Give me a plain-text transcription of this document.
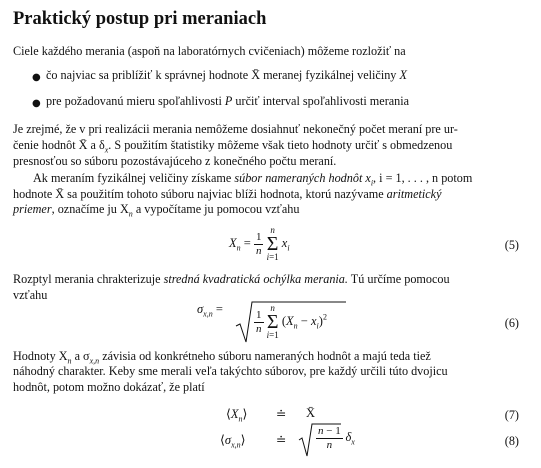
Praktický postup pri meraniach
Ciele každého merania (aspoň na laboratórnych cvičeniach) môžeme rozložiť na
● čo najviac sa priblížiť k správnej hodnote X̄ meranej fyzikálnej veličiny X
● pre požadovanú mieru spoľahlivosti P určiť interval spoľahlivosti merania
Je zrejmé, že v pri realizácii merania nemôžeme dosiahnuť nekonečný počet meraní pre ur-
čenie hodnôt X̄ a $\delta_x$. S použitím štatistiky môžeme však tieto hodnoty určiť s obmedzenou
presnosťou so súboru pozostávajúceho z konečného počtu meraní.
Ak meraním fyzikálnej veličiny získame súbor nameraných hodnôt $x_i$, i = 1, . . . , n potom
hodnote X̄ sa použitím tohoto súboru najviac blíži hodnota, ktorú nazývame aritmetický
priemer, označíme ju $X_n$ a vypočítame ju pomocou vzťahu
$X_n = \frac{1}{n}$
n
Σ
i=1 $x_i$	(5)
Rozptyl merania chrakterizuje stredná kvadratická ochýlka merania. Tú určíme pomocou
vzťahu
$\sigma_{x,n}$ =	$\frac{1}{n}$
n
Σ
i=1 $(X_n - x_i)^2$	(6)
Hodnoty $X_n$ a $\sigma_{x,n}$ závisia od konkrétneho súboru nameraných hodnôt a majú teda tiež
náhodný charakter. Keby sme merali veľa takýchto súborov, pre každý určili túto dvojicu
hodnôt, potom možno dokázať, že platí
$⟨X_n⟩$ ≐ X̄	(7)
$⟨\sigma_{x,n}⟩$ ≐	$\frac{n - 1}{n} \delta_x$	(8)
